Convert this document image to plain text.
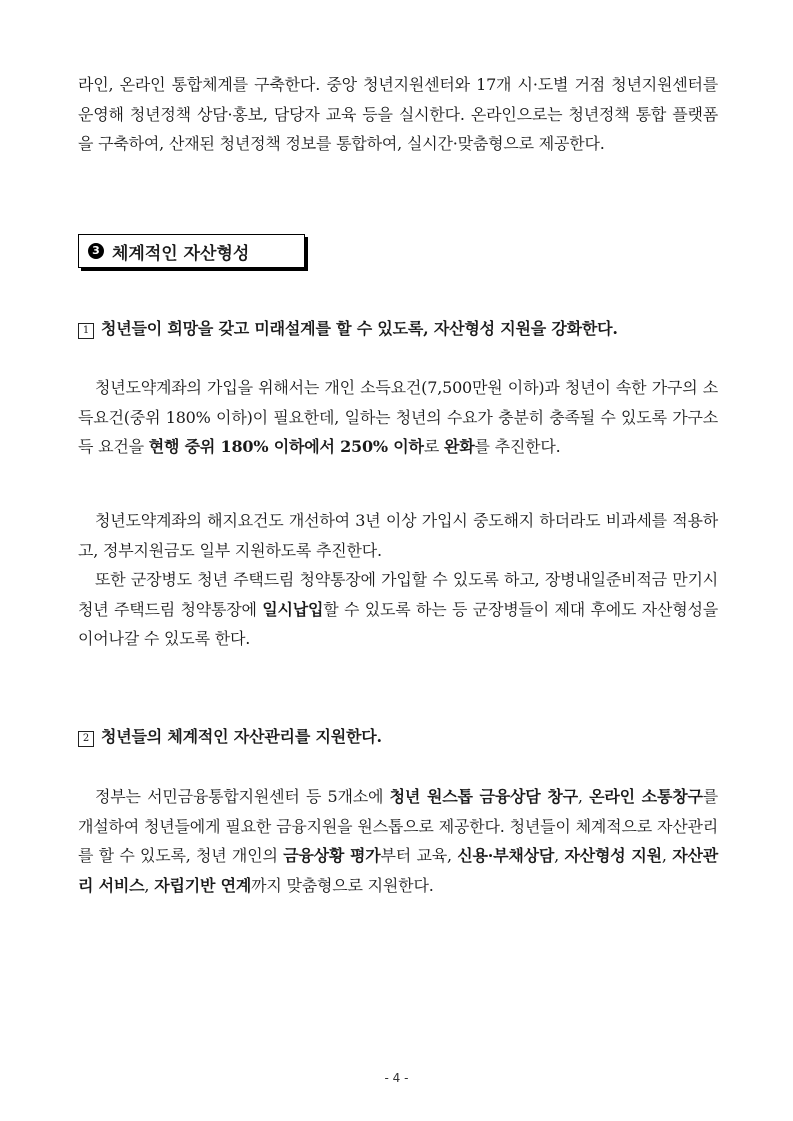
라인, 온라인 통합체계를 구축한다. 중앙 청년지원센터와 17개 시·도별 거점 청년지원센터를 운영해 청년정책 상담·홍보, 담당자 교육 등을 실시한다. 온라인으로는 청년정책 통합 플랫폼을 구축하여, 산재된 청년정책 정보를 통합하여, 실시간·맞춤형으로 제공한다.

3 체계적인 자산형성
1 청년들이 희망을 갖고 미래설계를 할 수 있도록, 자산형성 지원을 강화한다.

청년도약계좌의 가입을 위해서는 개인 소득요건(7,500만원 이하)과 청년이 속한 가구의 소득요건(중위 180% 이하)이 필요한데, 일하는 청년의 수요가 충분히 충족될 수 있도록 가구소득 요건을 현행 중위 180% 이하에서 250% 이하로 완화를 추진한다.

청년도약계좌의 해지요건도 개선하여 3년 이상 가입시 중도해지 하더라도 비과세를 적용하고, 정부지원금도 일부 지원하도록 추진한다.

또한 군장병도 청년 주택드림 청약통장에 가입할 수 있도록 하고, 장병내일준비적금 만기시 청년 주택드림 청약통장에 일시납입할 수 있도록 하는 등 군장병들이 제대 후에도 자산형성을 이어나갈 수 있도록 한다.

2 청년들의 체계적인 자산관리를 지원한다.

정부는 서민금융통합지원센터 등 5개소에 청년 원스톱 금융상담 창구, 온라인 소통창구를 개설하여 청년들에게 필요한 금융지원을 원스톱으로 제공한다. 청년들이 체계적으로 자산관리를 할 수 있도록, 청년 개인의 금융상황 평가부터 교육, 신용·부채상담, 자산형성 지원, 자산관리 서비스, 자립기반 연계까지 맞춤형으로 지원한다.

- 4 -
